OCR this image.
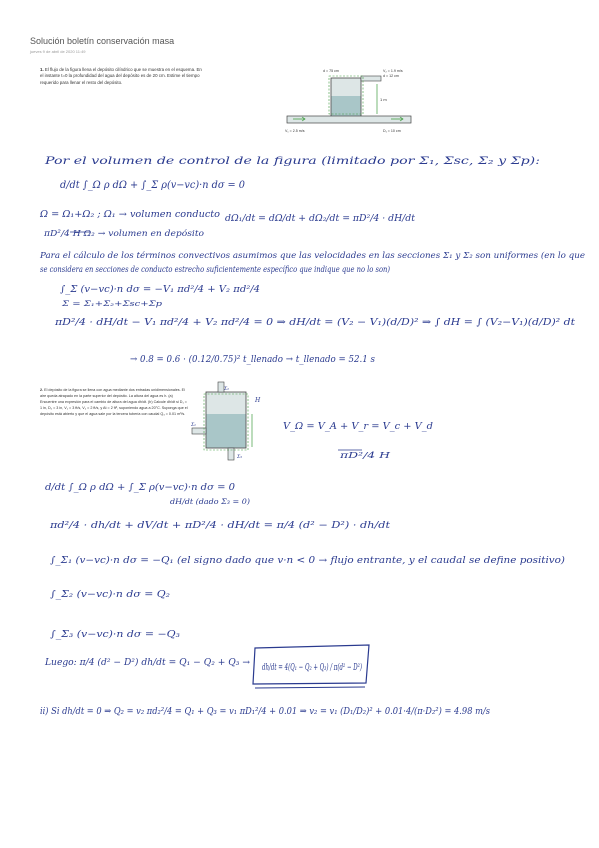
Solución boletín conservación masa
jueves 9 de abril de 2020 11:49

1. El flujo de la figura llena el depósito cilíndrico que se muestra en el esquema. En el instante t=0 la profundidad del agua del depósito es de 20 cm. Estime el tiempo requerido para llenar el resto del depósito.

d = 75 cm	V₂ = 1.9 m/s
d = 12 cm
1 m
V₁ = 2.5 m/s	D₁ = 10 cm

2. El depósito de la figura se llena con agua mediante dos entradas unidimensionales. El aire queda atrapado en la parte superior del depósito. La altura del agua es h. (a) Encuentre una expresión para el cambio de altura del agua dh/dt. (b) Calcule dh/dt si D₁ = 1 in, D₂ = 3 in, V₁ = 3 ft/s, V₂ = 2 ft/s, y At = 2 ft², suponiendo agua a 20°C. Suponga que el depósito está abierto y que el agua sale por la tercera tubería con caudal Q₃ = 0.01 m³/s.

H
Σ₁
Σ₂
Σ₃
Por el volumen de control de la figura (limitado por Σ₁, Σsc, Σ₂ y Σp):
d/dt ∫_Ω ρ dΩ + ∫_Σ ρ(v−vc)·n dσ = 0
Ω = Ω₁+Ω₂ ; Ω₁ → volumen conducto dΩ₁/dt = dΩ/dt + dΩ₂/dt = πD²/4 · dH/dt
πD²/4 H Ω₂ → volumen en depósito
Para el cálculo de los términos convectivos asumimos que las velocidades en las secciones Σ₁ y Σ₂ son uniformes (en lo que
se considera en secciones de conducto estrecho suficientemente específico que indique que no lo son)
∫_Σ (v−vc)·n dσ = −V₁ πd²/4 + V₂ πd²/4
Σ = Σ₁+Σ₂+Σsc+Σp
πD²/4 · dH/dt − V₁ πd²/4 + V₂ πd²/4 = 0 ⇒ dH/dt = (V₂ − V₁)(d/D)² ⇒ ∫ dH = ∫ (V₂−V₁)(d/D)² dt
→ 0.8 = 0.6 · (0.12/0.75)² t_llenado → t_llenado = 52.1 s
V_Ω = V_A + V_r = V_c + V_d
πD²/4 H
d/dt ∫_Ω ρ dΩ + ∫_Σ ρ(v−vc)·n dσ = 0
dH/dt (dado Σ₃ = 0)
πd²/4 · dh/dt + dV/dt + πD²/4 · dH/dt = π/4 (d² − D²) · dh/dt
∫_Σ₁ (v−vc)·n dσ = −Q₁ (el signo dado que v·n < 0 → flujo entrante, y el caudal se define positivo)
∫_Σ₂ (v−vc)·n dσ = Q₂
∫_Σ₃ (v−vc)·n dσ = −Q₃
Luego: π/4 (d² − D²) dh/dt = Q₁ − Q₂ + Q₃ →	dh/dt = 4(Q₁ − Q₂ + Q₃) / π(d² − D²)
ii) Si dh/dt = 0 ⇒ Q₂ = v₂ πd₂²/4 = Q₁ + Q₃ = v₁ πD₁²/4 + 0.01 ⇒ v₂ = v₁ (D₁/D₂)² + 0.01·4/(π·D₂²) = 4.98 m/s
